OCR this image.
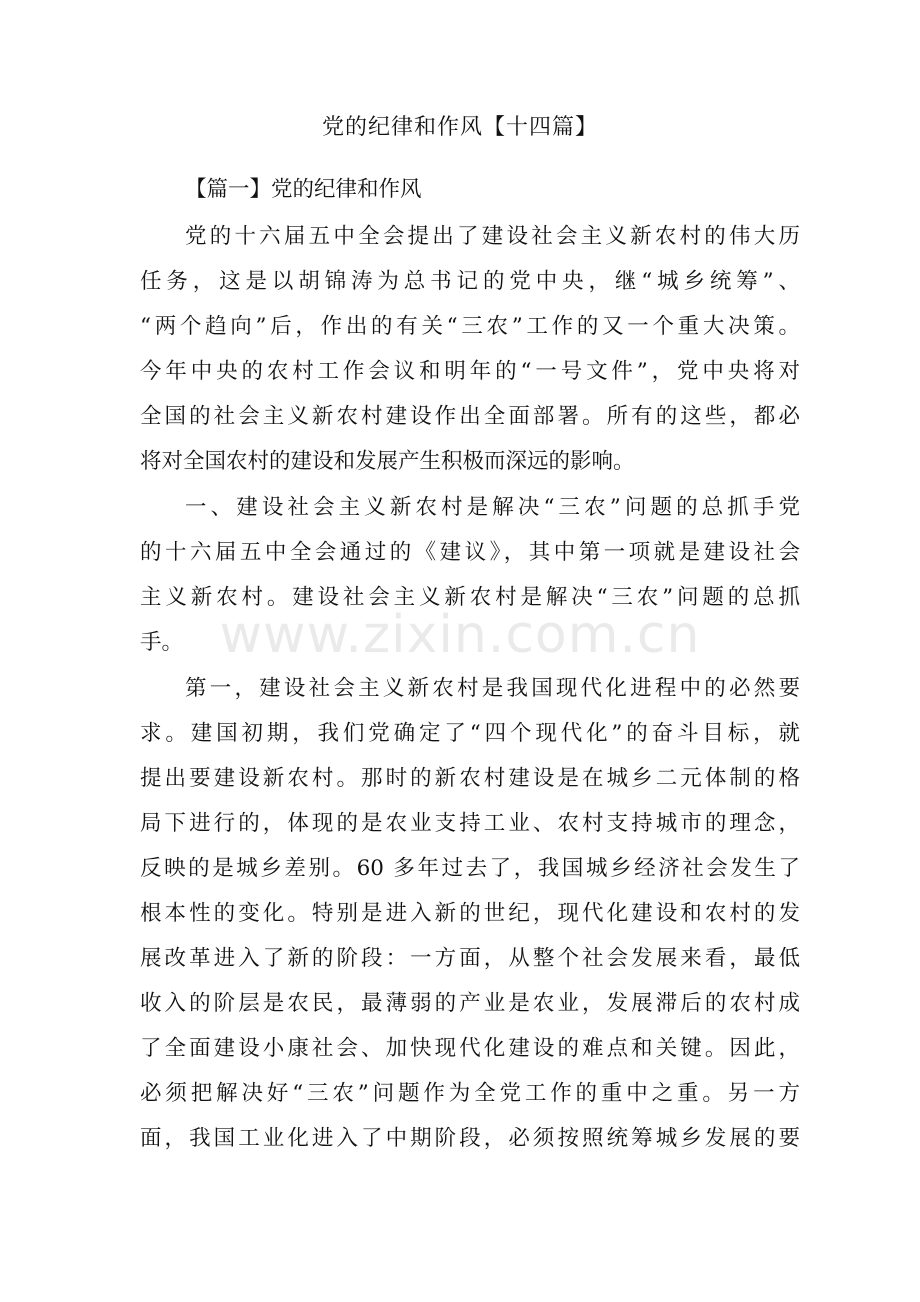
党的纪律和作风【十四篇】
【篇一】党的纪律和作风
党的十六届五中全会提出了建设社会主义新农村的伟大历
任务，这是以胡锦涛为总书记的党中央，继“城乡统筹”、
“两个趋向”后，作出的有关“三农”工作的又一个重大决策。
今年中央的农村工作会议和明年的“一号文件”，党中央将对
全国的社会主义新农村建设作出全面部署。所有的这些，都必
将对全国农村的建设和发展产生积极而深远的影响。
一、建设社会主义新农村是解决“三农”问题的总抓手党
的十六届五中全会通过的《建议》，其中第一项就是建设社会
主义新农村。建设社会主义新农村是解决“三农”问题的总抓
手。
第一，建设社会主义新农村是我国现代化进程中的必然要
求。建国初期，我们党确定了“四个现代化”的奋斗目标，就
提出要建设新农村。那时的新农村建设是在城乡二元体制的格
局下进行的，体现的是农业支持工业、农村支持城市的理念，
反映的是城乡差别。60 多年过去了，我国城乡经济社会发生了
根本性的变化。特别是进入新的世纪，现代化建设和农村的发
展改革进入了新的阶段：一方面，从整个社会发展来看，最低
收入的阶层是农民，最薄弱的产业是农业，发展滞后的农村成
了全面建设小康社会、加快现代化建设的难点和关键。因此，
必须把解决好“三农”问题作为全党工作的重中之重。另一方
面，我国工业化进入了中期阶段，必须按照统筹城乡发展的要
www.zixin.com.cn
